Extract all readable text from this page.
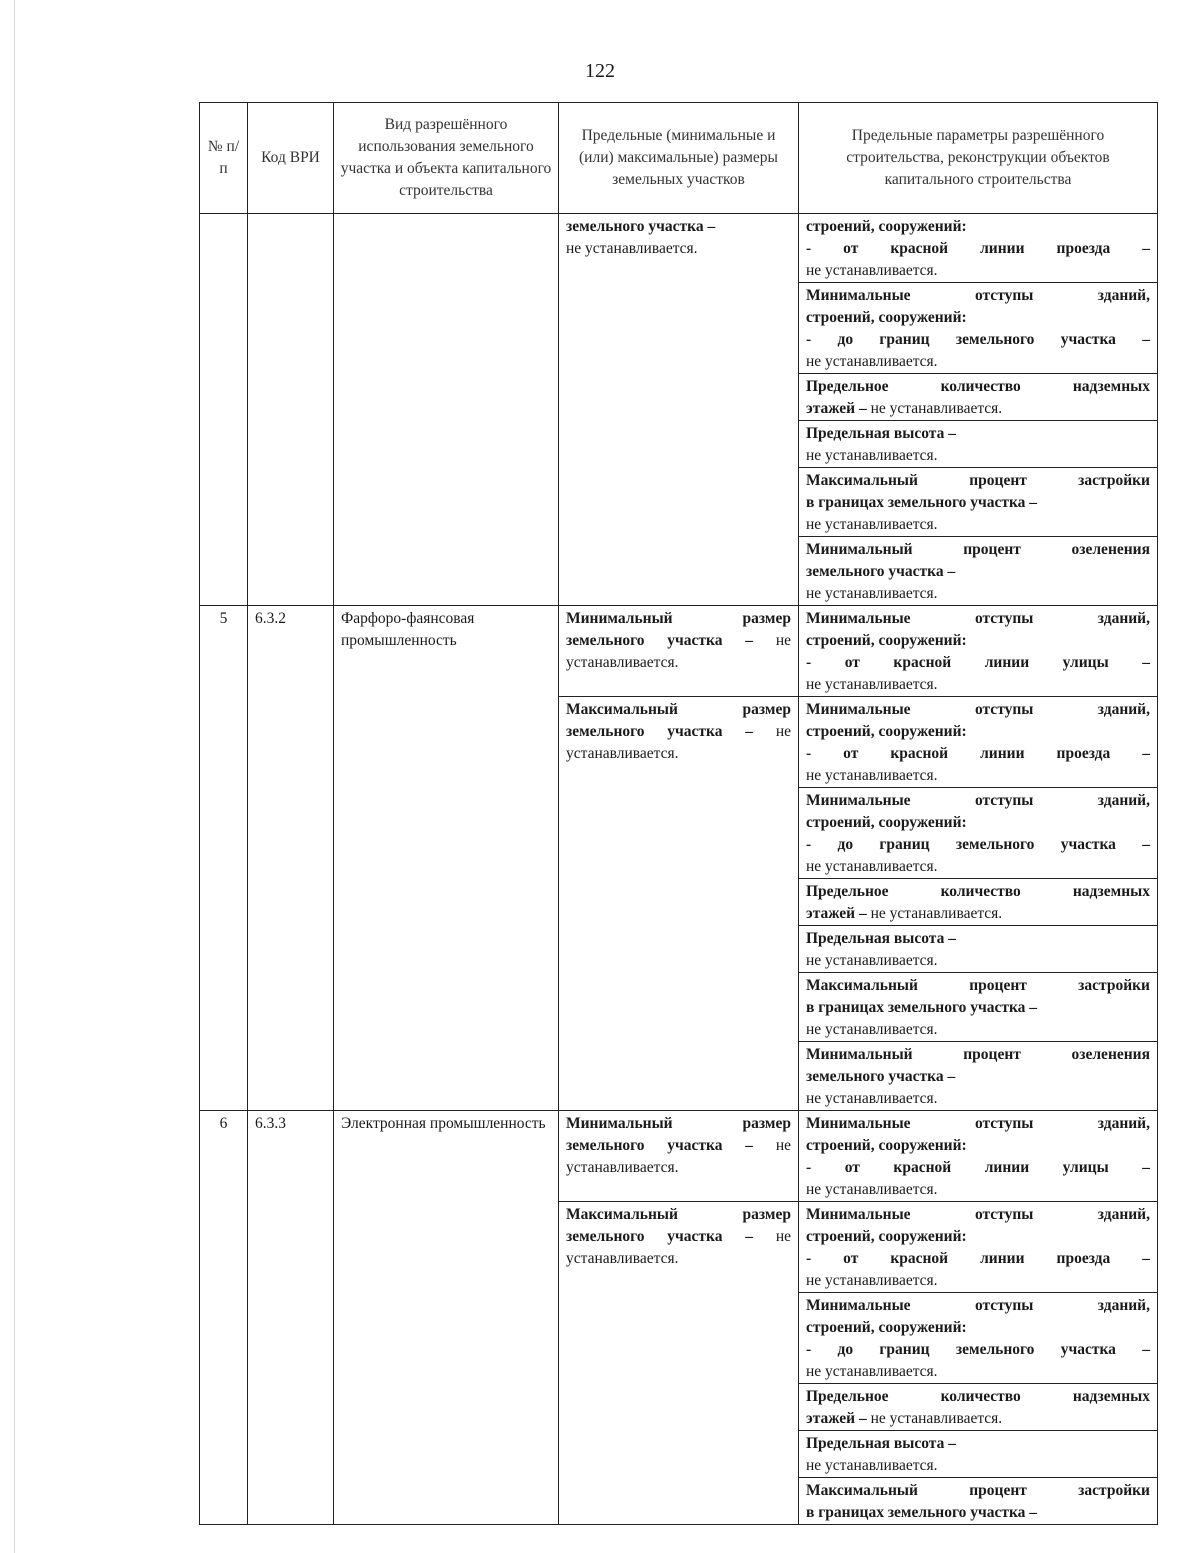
122
№ п/п	Код ВРИ	Вид разрешённого использования земельного участка и объекта капитального строительства	Предельные (минимальные и (или) максимальные) размеры земельных участков	Предельные параметры разрешённого строительства, реконструкции объектов капитального строительства

			земельного участка –
не устанавливается.	строений, сооружений:
- от красной линии проезда –
не устанавливается.

				Минимальные отступы зданий,
строений, сооружений:
- до границ земельного участка –
не устанавливается.

				Предельное количество надземных
этажей – не устанавливается.

				Предельная высота –
не устанавливается.

				Максимальный процент застройки
в границах земельного участка –
не устанавливается.

				Минимальный процент озеленения
земельного участка –
не устанавливается.

5	6.3.2	Фарфоро-фаянсовая промышленность	Минимальный размер
земельного участка – не устанавливается.	Минимальные отступы зданий,
строений, сооружений:
- от красной линии улицы –
не устанавливается.

			Максимальный размер
земельного участка – не устанавливается.	Минимальные отступы зданий,
строений, сооружений:
- от красной линии проезда –
не устанавливается.

				Минимальные отступы зданий,
строений, сооружений:
- до границ земельного участка –
не устанавливается.

				Предельное количество надземных
этажей – не устанавливается.

				Предельная высота –
не устанавливается.

				Максимальный процент застройки
в границах земельного участка –
не устанавливается.

				Минимальный процент озеленения
земельного участка –
не устанавливается.

6	6.3.3	Электронная промышленность	Минимальный размер
земельного участка – не устанавливается.	Минимальные отступы зданий,
строений, сооружений:
- от красной линии улицы –
не устанавливается.

			Максимальный размер
земельного участка – не устанавливается.	Минимальные отступы зданий,
строений, сооружений:
- от красной линии проезда –
не устанавливается.

				Минимальные отступы зданий,
строений, сооружений:
- до границ земельного участка –
не устанавливается.

				Предельное количество надземных
этажей – не устанавливается.

				Предельная высота –
не устанавливается.

				Максимальный процент застройки
в границах земельного участка –
